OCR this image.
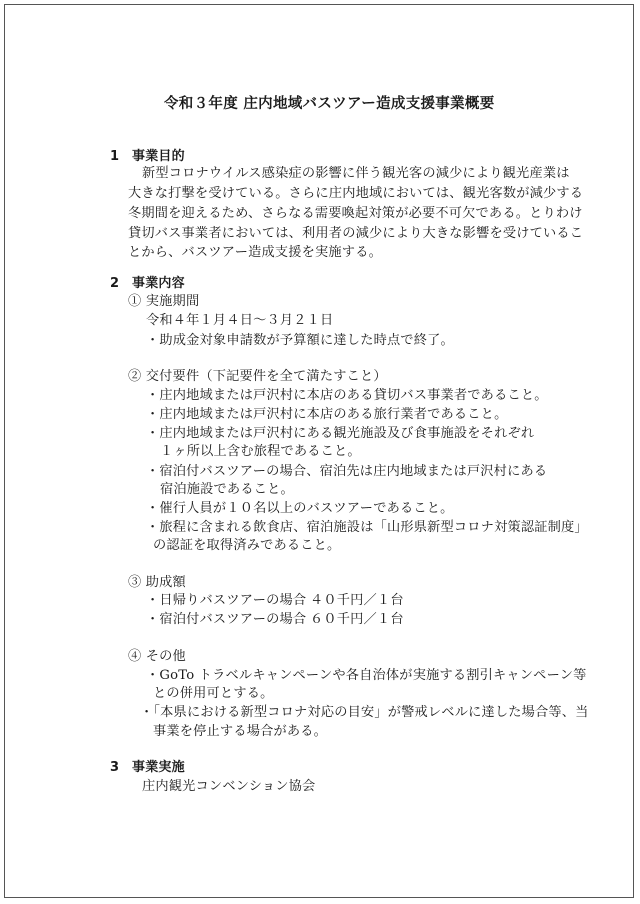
令和３年度 庄内地域バスツアー造成支援事業概要
1 事業目的
新型コロナウイルス感染症の影響に伴う観光客の減少により観光産業は
大きな打撃を受けている。さらに庄内地域においては、観光客数が減少する
冬期間を迎えるため、さらなる需要喚起対策が必要不可欠である。とりわけ
貸切バス事業者においては、利用者の減少により大きな影響を受けているこ
とから、バスツアー造成支援を実施する。
2 事業内容
① 実施期間
令和４年１月４日～３月２１日
・助成金対象申請数が予算額に達した時点で終了。
② 交付要件（下記要件を全て満たすこと）
・庄内地域または戸沢村に本店のある貸切バス事業者であること。
・庄内地域または戸沢村に本店のある旅行業者であること。
・庄内地域または戸沢村にある観光施設及び食事施設をそれぞれ
１ヶ所以上含む旅程であること。
・宿泊付バスツアーの場合、宿泊先は庄内地域または戸沢村にある
宿泊施設であること。
・催行人員が１０名以上のバスツアーであること。
・旅程に含まれる飲食店、宿泊施設は「山形県新型コロナ対策認証制度」
の認証を取得済みであること。
③ 助成額
・日帰りバスツアーの場合 ４０千円／１台
・宿泊付バスツアーの場合 ６０千円／１台
④ その他
・GoTo トラベルキャンペーンや各自治体が実施する割引キャンペーン等
との併用可とする。
・「本県における新型コロナ対応の目安」が警戒レベルに達した場合等、当
事業を停止する場合がある。
3 事業実施
庄内観光コンベンション協会
